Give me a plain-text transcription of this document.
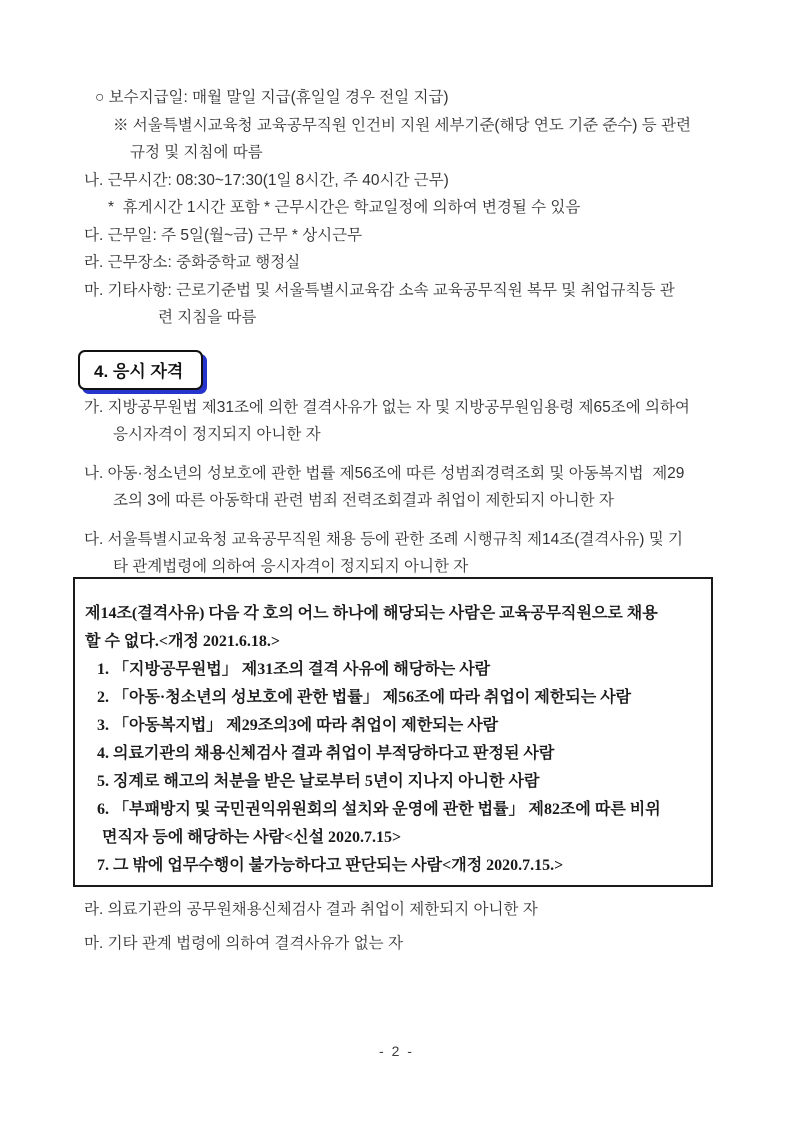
○ 보수지급일: 매월 말일 지급(휴일일 경우 전일 지급)
※ 서울특별시교육청 교육공무직원 인건비 지원 세부기준(해당 연도 기준 준수) 등 관련
규정 및 지침에 따름
나. 근무시간: 08:30~17:30(1일 8시간, 주 40시간 근무)
*  휴게시간 1시간 포함 * 근무시간은 학교일정에 의하여 변경될 수 있음
다. 근무일: 주 5일(월~금) 근무 * 상시근무
라. 근무장소: 중화중학교 행정실
마. 기타사항: 근로기준법 및 서울특별시교육감 소속 교육공무직원 복무 및 취업규칙등 관
련 지침을 따름
4. 응시 자격
가. 지방공무원법 제31조에 의한 결격사유가 없는 자 및 지방공무원임용령 제65조에 의하여
응시자격이 정지되지 아니한 자
나. 아동·청소년의 성보호에 관한 법률 제56조에 따른 성범죄경력조회 및 아동복지법  제29
조의 3에 따른 아동학대 관련 범죄 전력조회결과 취업이 제한되지 아니한 자
다. 서울특별시교육청 교육공무직원 채용 등에 관한 조례 시행규칙 제14조(결격사유) 및 기
타 관계법령에 의하여 응시자격이 정지되지 아니한 자
제14조(결격사유) 다음 각 호의 어느 하나에 해당되는 사람은 교육공무직원으로 채용
할 수 없다.<개정 2021.6.18.>
1. 「지방공무원법」 제31조의 결격 사유에 해당하는 사람
2. 「아동·청소년의 성보호에 관한 법률」 제56조에 따라 취업이 제한되는 사람
3. 「아동복지법」 제29조의3에 따라 취업이 제한되는 사람
4. 의료기관의 채용신체검사 결과 취업이 부적당하다고 판정된 사람
5. 징계로 해고의 처분을 받은 날로부터 5년이 지나지 아니한 사람
6. 「부패방지 및 국민권익위원회의 설치와 운영에 관한 법률」 제82조에 따른 비위
면직자 등에 해당하는 사람<신설 2020.7.15>
7. 그 밖에 업무수행이 불가능하다고 판단되는 사람<개정 2020.7.15.>
라. 의료기관의 공무원채용신체검사 결과 취업이 제한되지 아니한 자
마. 기타 관계 법령에 의하여 결격사유가 없는 자
- 2 -
